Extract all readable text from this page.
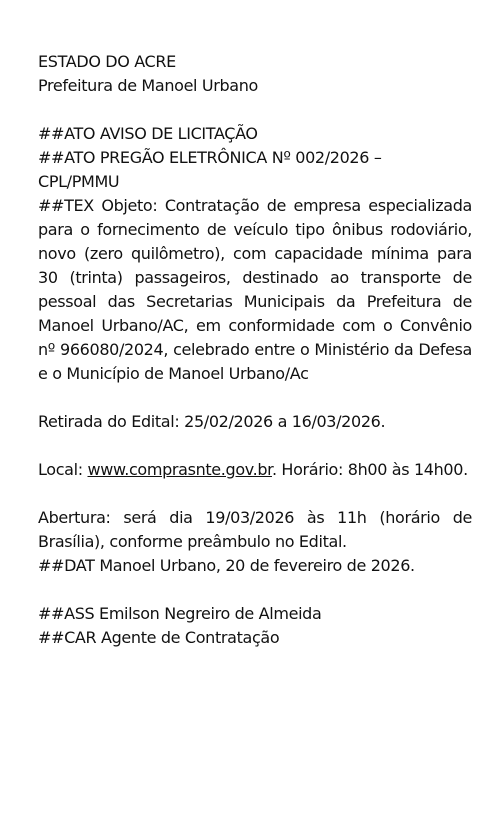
ESTADO DO ACRE

Prefeitura de Manoel Urbano

##ATO AVISO DE LICITAÇÃO

##ATO PREGÃO ELETRÔNICA Nº 002/2026 –

CPL/PMMU

##TEX Objeto: Contratação de empresa especializada para o fornecimento de veículo tipo ônibus rodoviário, novo (zero quilômetro), com capacidade mínima para 30 (trinta) passageiros, destinado ao transporte de pessoal das Secretarias Municipais da Prefeitura de Manoel Urbano/AC, em conformidade com o Convênio nº 966080/2024, celebrado entre o Ministério da Defesa e o Município de Manoel Urbano/Ac

Retirada do Edital: 25/02/2026 a 16/03/2026.

Local: www.comprasnte.gov.br. Horário: 8h00 às 14h00.

Abertura: será dia 19/03/2026 às 11h (horário de Brasília), conforme preâmbulo no Edital.

##DAT Manoel Urbano, 20 de fevereiro de 2026.

##ASS Emilson Negreiro de Almeida

##CAR Agente de Contratação
